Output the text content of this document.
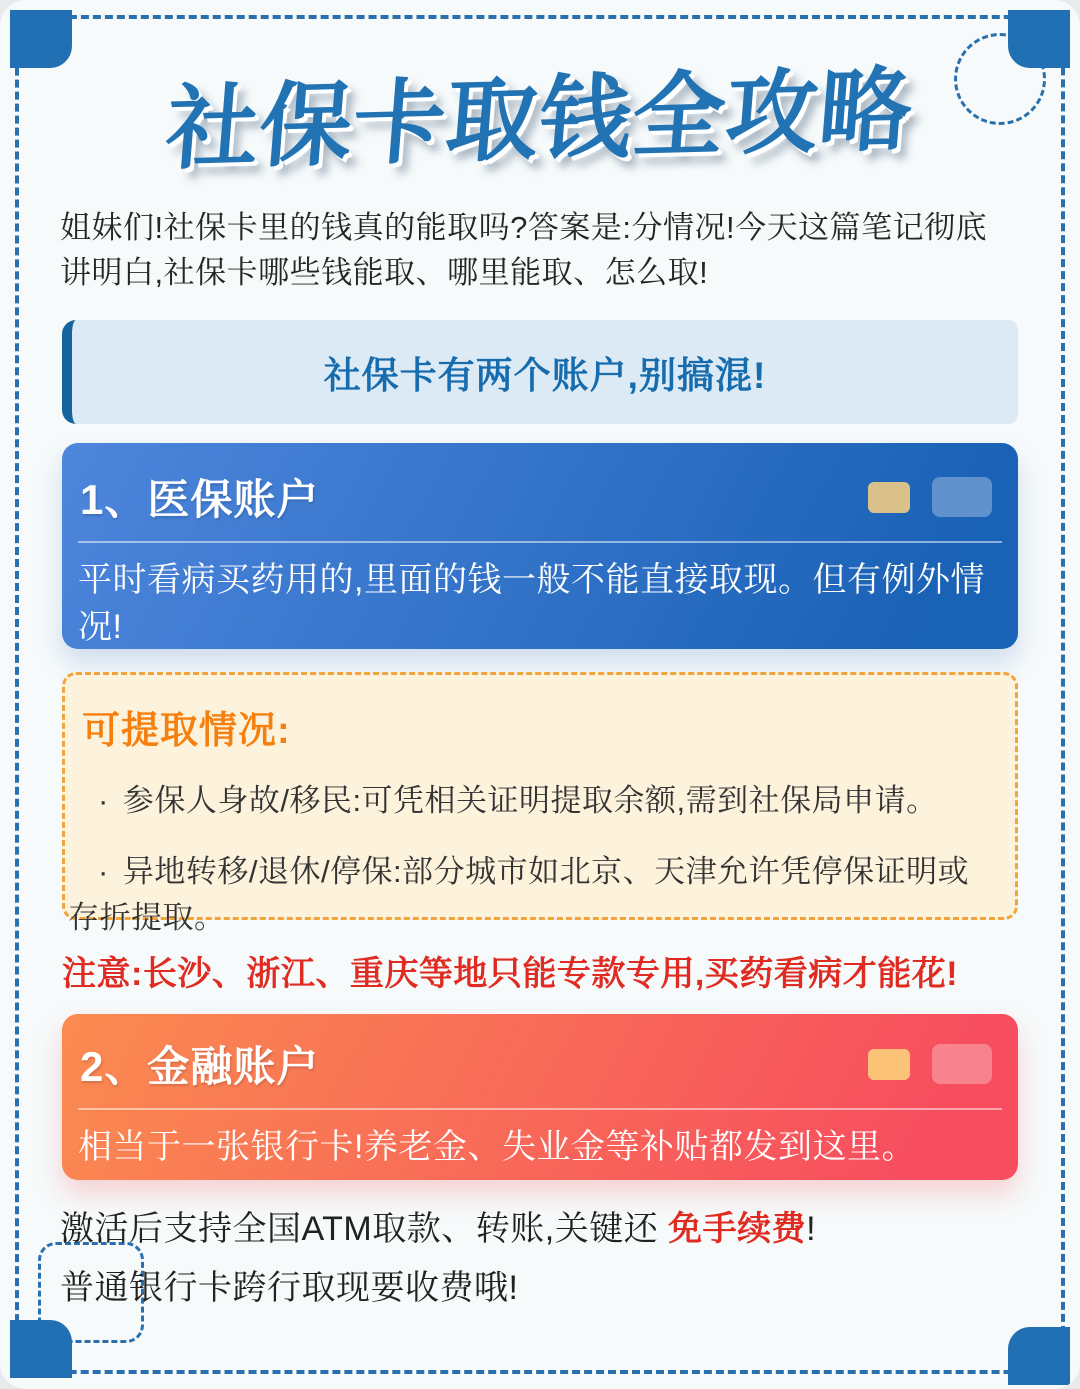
社保卡取钱全攻略
姐妹们!社保卡里的钱真的能取吗?答案是:分情况!今天这篇笔记彻底讲明白,社保卡哪些钱能取、哪里能取、怎么取!
社保卡有两个账户,别搞混!
1、医保账户
平时看病买药用的,里面的钱一般不能直接取现。但有例外情况!
可提取情况:
· 参保人身故/移民:可凭相关证明提取余额,需到社保局申请。
· 异地转移/退休/停保:部分城市如北京、天津允许凭停保证明或存折提取。
注意:长沙、浙江、重庆等地只能专款专用,买药看病才能花!
2、金融账户
相当于一张银行卡!养老金、失业金等补贴都发到这里。
激活后支持全国ATM取款、转账,关键还 免手续费!
普通银行卡跨行取现要收费哦!
